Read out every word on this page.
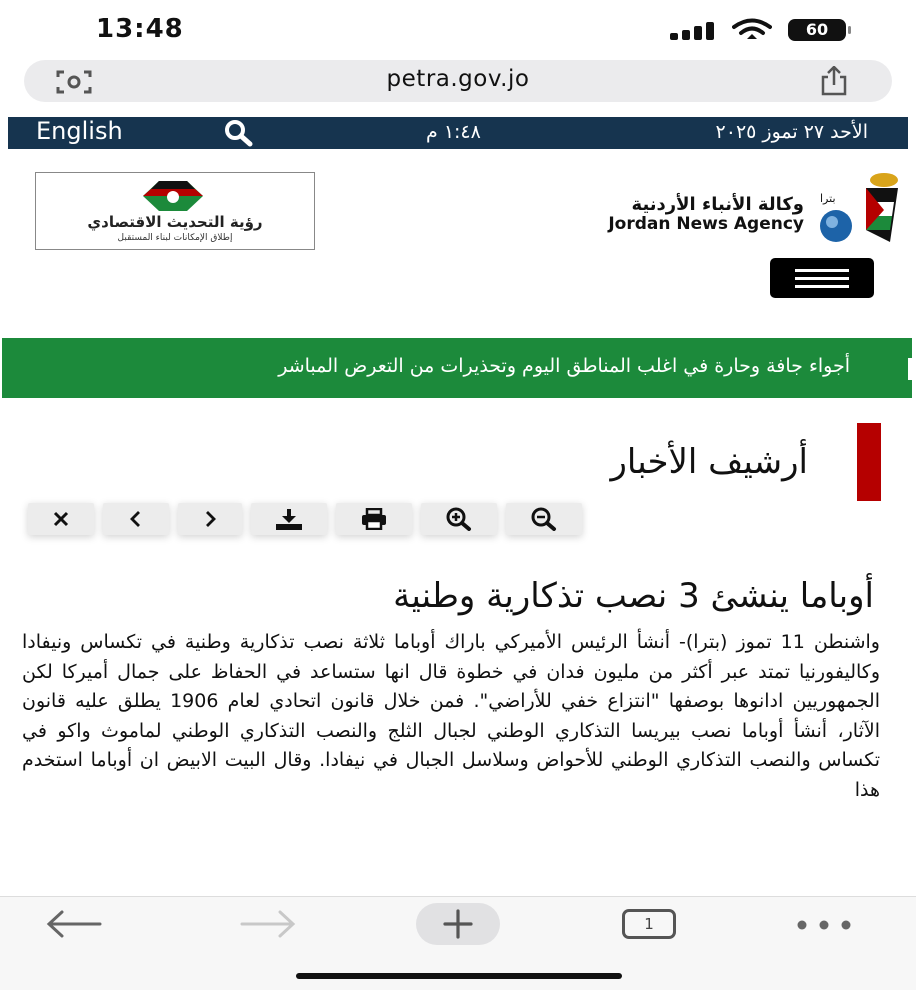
13:48	60
petra.gov.jo
English	١:٤٨ م	الأحد ٢٧ تموز ٢٠٢٥
رؤية التحديث الاقتصادي
إطلاق الإمكانات لبناء المستقبل
وكالة الأنباء الأردنية
Jordan News Agency
بترا
أجواء جافة وحارة في اغلب المناطق اليوم وتحذيرات من التعرض المباشر
أرشيف الأخبار
أوباما ينشئ 3 نصب تذكارية وطنية
واشنطن 11 تموز (بترا)- أنشأ الرئيس الأميركي باراك أوباما ثلاثة نصب تذكارية وطنية في تكساس ونيفادا وكاليفورنيا تمتد عبر أكثر من مليون فدان في خطوة قال انها ستساعد في الحفاظ على جمال أميركا لكن الجمهوريين ادانوها بوصفها "انتزاع خفي للأراضي". فمن خلال قانون اتحادي لعام 1906 يطلق عليه قانون الآثار، أنشأ أوباما نصب بيريسا التذكاري الوطني لجبال الثلج والنصب التذكاري الوطني لماموث واكو في تكساس والنصب التذكاري الوطني للأحواض وسلاسل الجبال في نيفادا. وقال البيت الابيض ان أوباما استخدم هذا
1
